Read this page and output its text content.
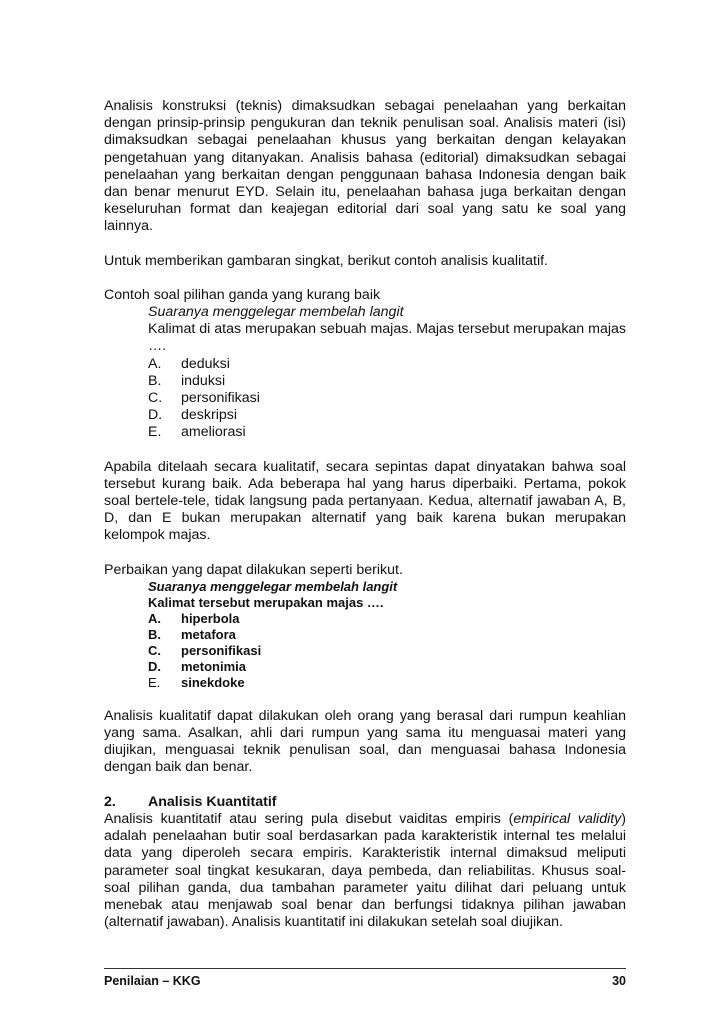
Analisis konstruksi (teknis) dimaksudkan sebagai penelaahan yang berkaitan dengan prinsip-prinsip pengukuran dan teknik penulisan soal. Analisis materi (isi) dimaksudkan sebagai penelaahan khusus yang berkaitan dengan kelayakan pengetahuan yang ditanyakan. Analisis bahasa (editorial) dimaksudkan sebagai penelaahan yang berkaitan dengan penggunaan bahasa Indonesia dengan baik dan benar menurut EYD. Selain itu, penelaahan bahasa juga berkaitan dengan keseluruhan format dan keajegan editorial dari soal yang satu ke soal yang lainnya.

Untuk memberikan gambaran singkat, berikut contoh analisis kualitatif.

Contoh soal pilihan ganda yang kurang baik

Suaranya menggelegar membelah langit

Kalimat di atas merupakan sebuah majas. Majas tersebut merupakan majas ….

A.	deduksi
B.	induksi
C.	personifikasi
D.	deskripsi
E.	ameliorasi

Apabila ditelaah secara kualitatif, secara sepintas dapat dinyatakan bahwa soal tersebut kurang baik. Ada beberapa hal yang harus diperbaiki. Pertama, pokok soal bertele-tele, tidak langsung pada pertanyaan. Kedua, alternatif jawaban A, B, D, dan E bukan merupakan alternatif yang baik karena bukan merupakan kelompok majas.

Perbaikan yang dapat dilakukan seperti berikut.

Suaranya menggelegar membelah langit

Kalimat tersebut merupakan majas ….

A.	hiperbola
B.	metafora
C.	personifikasi
D.	metonimia
E.	sinekdoke

Analisis kualitatif dapat dilakukan oleh orang yang berasal dari rumpun keahlian yang sama. Asalkan, ahli dari rumpun yang sama itu menguasai materi yang diujikan, menguasai teknik penulisan soal, dan menguasai bahasa Indonesia dengan baik dan benar.

2.	Analisis Kuantitatif

Analisis kuantitatif atau sering pula disebut vaiditas empiris (empirical validity) adalah penelaahan butir soal berdasarkan pada karakteristik internal tes melalui data yang diperoleh secara empiris. Karakteristik internal dimaksud meliputi parameter soal tingkat kesukaran, daya pembeda, dan reliabilitas. Khusus soal-soal pilihan ganda, dua tambahan parameter yaitu dilihat dari peluang untuk menebak atau menjawab soal benar dan berfungsi tidaknya pilihan jawaban (alternatif jawaban). Analisis kuantitatif ini dilakukan setelah soal diujikan.

Penilaian – KKG	30
